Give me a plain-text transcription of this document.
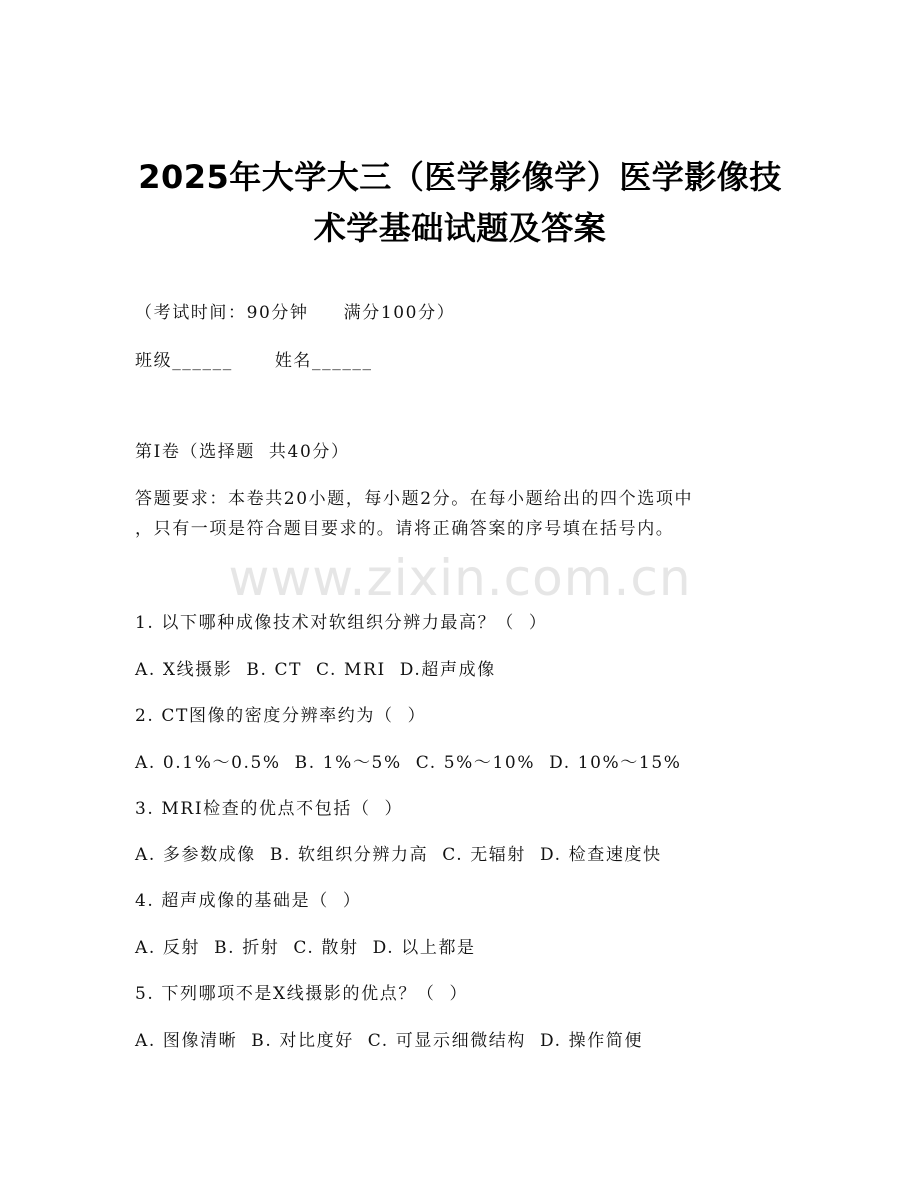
2025年大学大三（医学影像学）医学影像技
术学基础试题及答案
（考试时间：90分钟     满分100分）
班级______      姓名______
第I卷（选择题  共40分）
答题要求：本卷共20小题，每小题2分。在每小题给出的四个选项中
，只有一项是符合题目要求的。请将正确答案的序号填在括号内。
www.zixin.com.cn
1. 以下哪种成像技术对软组织分辨力最高？（  ）
A. X线摄影  B. CT  C. MRI  D.超声成像
2. CT图像的密度分辨率约为（  ）
A. 0.1%～0.5%  B. 1%～5%  C. 5%～10%  D. 10%～15%
3. MRI检查的优点不包括（  ）
A. 多参数成像  B. 软组织分辨力高  C. 无辐射  D. 检查速度快
4. 超声成像的基础是（  ）
A. 反射  B. 折射  C. 散射  D. 以上都是
5. 下列哪项不是X线摄影的优点？（  ）
A. 图像清晰  B. 对比度好  C. 可显示细微结构  D. 操作简便
